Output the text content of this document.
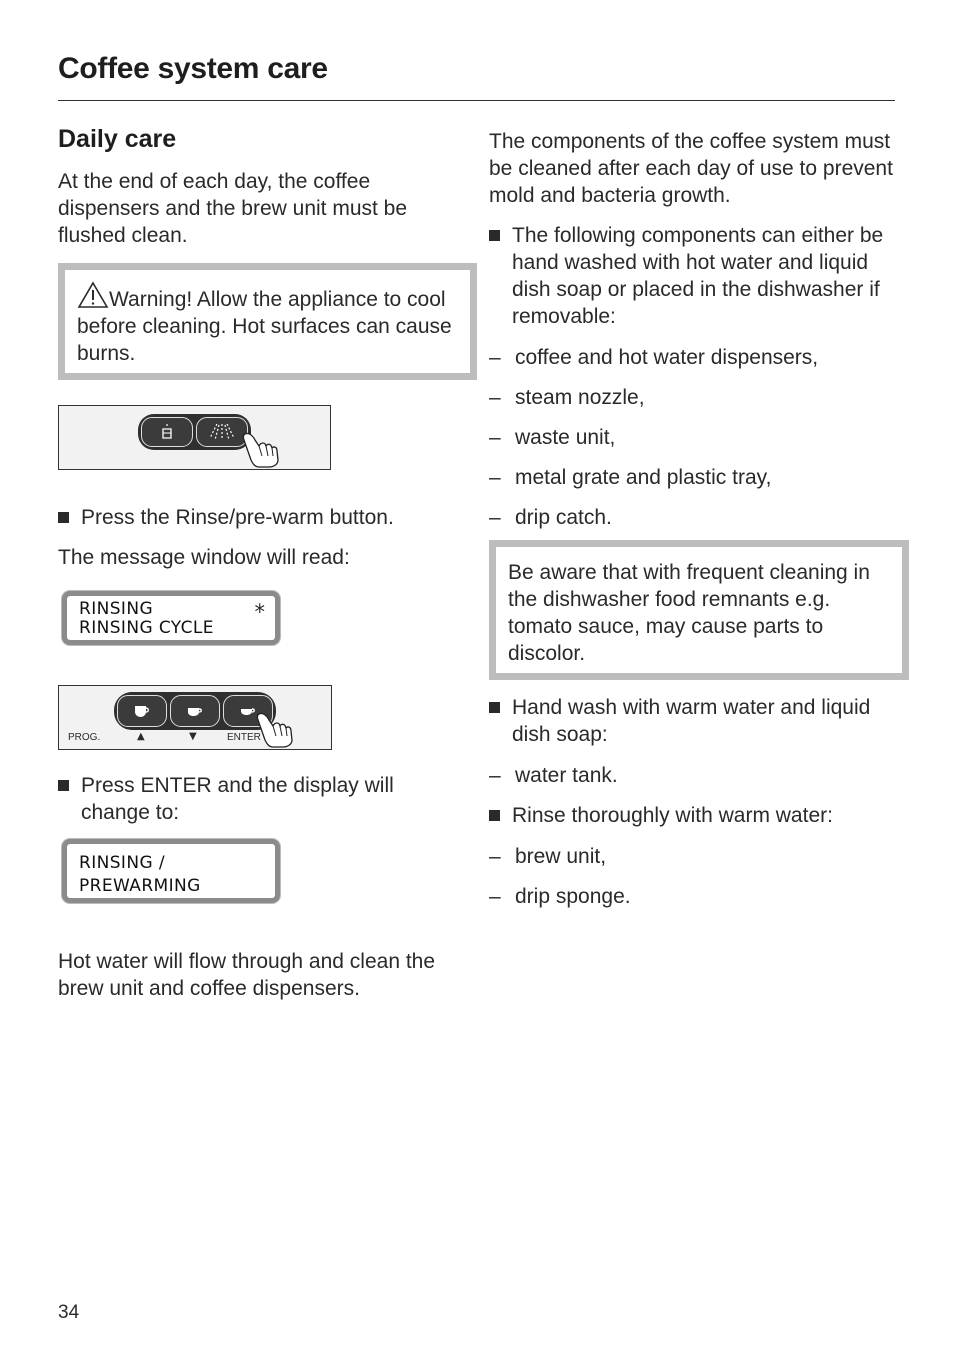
Coffee system care
Daily care

At the end of each day, the coffee dispensers and the brew unit must be flushed clean.

Warning! Allow the appliance to cool before cleaning. Hot surfaces can cause burns.

Press the Rinse/pre-warm button.

The message window will read:

RINSING
RINSING CYCLE
*
PROG.	▲	▼	ENTER

Press ENTER and the display will change to:

RINSING /
PREWARMING

Hot water will flow through and clean the brew unit and coffee dispensers.

The components of the coffee system must be cleaned after each day of use to prevent mold and bacteria growth.

The following components can either be hand washed with hot water and liquid dish soap or placed in the dishwasher if removable:

– coffee and hot water dispensers,

– steam nozzle,

– waste unit,

– metal grate and plastic tray,

– drip catch.

Be aware that with frequent cleaning in the dishwasher food remnants e.g. tomato sauce, may cause parts to discolor.

Hand wash with warm water and liquid dish soap:

– water tank.

Rinse thoroughly with warm water:

– brew unit,

– drip sponge.

34
